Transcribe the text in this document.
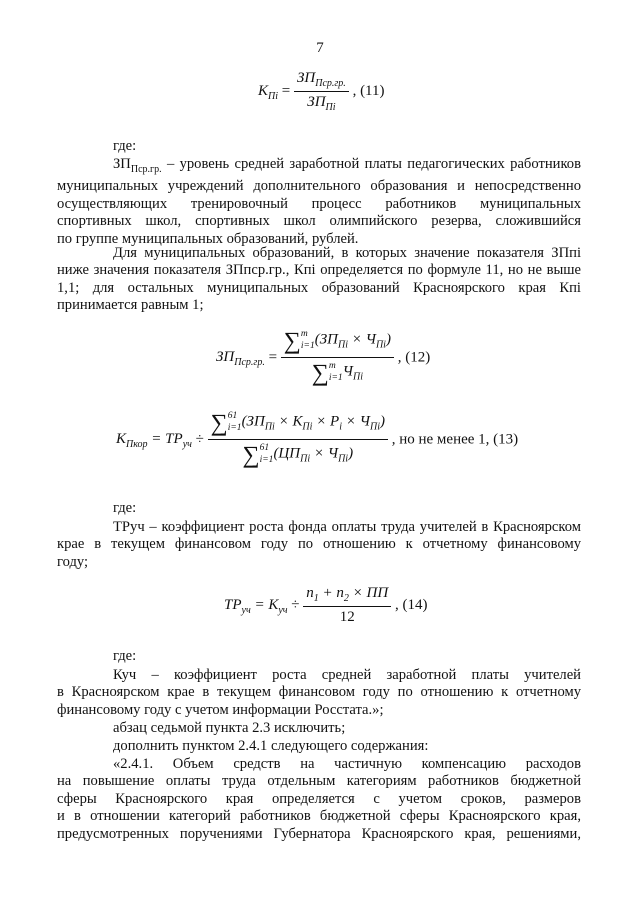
7
$K_{Пi} = \frac{ЗП_{Пср.гр.}}{ЗП_{Пi}}$ , (11)
где:
$ЗП_{Пср.гр.}$ – уровень средней заработной платы педагогических работников
муниципальных учреждений дополнительного образования и непосредственно
осуществляющих тренировочный процесс работников муниципальных
спортивных школ, спортивных школ олимпийского резерва, сложившийся
по группе муниципальных образований, рублей.
Для муниципальных образований, в которых значение показателя ЗПпi
ниже значения показателя ЗПпср.гр., Кпi определяется по формуле 11, но не выше
1,1; для остальных муниципальных образований Красноярского края Кпi
принимается равным 1;
$ЗП_{Пср.гр.}$ = ∑ m
i=1 $(ЗП_{Пi} \times Ч_{Пi})$
∑ m
i=1 $Ч_{Пi}$ , (12)
$K_{Пкор} = ТР_{уч}$ ÷ ∑ 61
i=1 $(ЗП_{Пi} \times К_{Пi} \times Р_i \times Ч_{Пi})$
∑ 61
i=1 $(ЦП_{Пi} \times Ч_{Пi})$ , но не менее 1, (13)
где:
ТРуч – коэффициент роста фонда оплаты труда учителей в Красноярском
крае в текущем финансовом году по отношению к отчетному финансовому
году;
$ТР_{уч} = К_{уч} \div \frac{n_1 + n_2 \times ПП}{12}$ , (14)
где:
Куч – коэффициент роста средней заработной платы учителей
в Красноярском крае в текущем финансовом году по отношению к отчетному
финансовому году с учетом информации Росстата.»;
абзац седьмой пункта 2.3 исключить;
дополнить пунктом 2.4.1 следующего содержания:
«2.4.1. Объем средств на частичную компенсацию расходов
на повышение оплаты труда отдельным категориям работников бюджетной
сферы Красноярского края определяется с учетом сроков, размеров
и в отношении категорий работников бюджетной сферы Красноярского края,
предусмотренных поручениями Губернатора Красноярского края, решениями,
